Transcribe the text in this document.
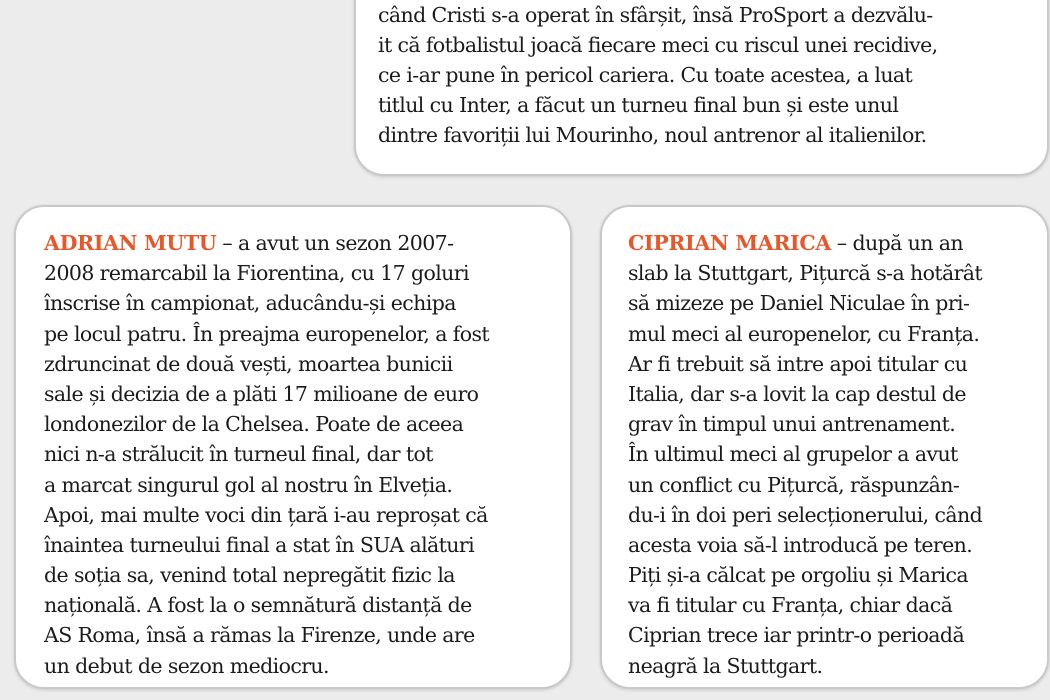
când Cristi s-a operat în sfârșit, însă ProSport a dezvălu-
it că fotbalistul joacă fiecare meci cu riscul unei recidive,
ce i-ar pune în pericol cariera. Cu toate acestea, a luat
titlul cu Inter, a făcut un turneu final bun și este unul
dintre favoriții lui Mourinho, noul antrenor al italienilor.
ADRIAN MUTU – a avut un sezon 2007-
2008 remarcabil la Fiorentina, cu 17 goluri
înscrise în campionat, aducându-și echipa
pe locul patru. În preajma europenelor, a fost
zdruncinat de două vești, moartea bunicii
sale și decizia de a plăti 17 milioane de euro
londonezilor de la Chelsea. Poate de aceea
nici n-a strălucit în turneul final, dar tot
a marcat singurul gol al nostru în Elveția.
Apoi, mai multe voci din țară i-au reproșat că
înaintea turneului final a stat în SUA alături
de soția sa, venind total nepregătit fizic la
națională. A fost la o semnătură distanță de
AS Roma, însă a rămas la Firenze, unde are
un debut de sezon mediocru.
CIPRIAN MARICA – după un an
slab la Stuttgart, Pițurcă s-a hotărât
să mizeze pe Daniel Niculae în pri-
mul meci al europenelor, cu Franța.
Ar fi trebuit să intre apoi titular cu
Italia, dar s-a lovit la cap destul de
grav în timpul unui antrenament.
În ultimul meci al grupelor a avut
un conflict cu Pițurcă, răspunzân-
du-i în doi peri selecționerului, când
acesta voia să-l introducă pe teren.
Piți și-a călcat pe orgoliu și Marica
va fi titular cu Franța, chiar dacă
Ciprian trece iar printr-o perioadă
neagră la Stuttgart.
